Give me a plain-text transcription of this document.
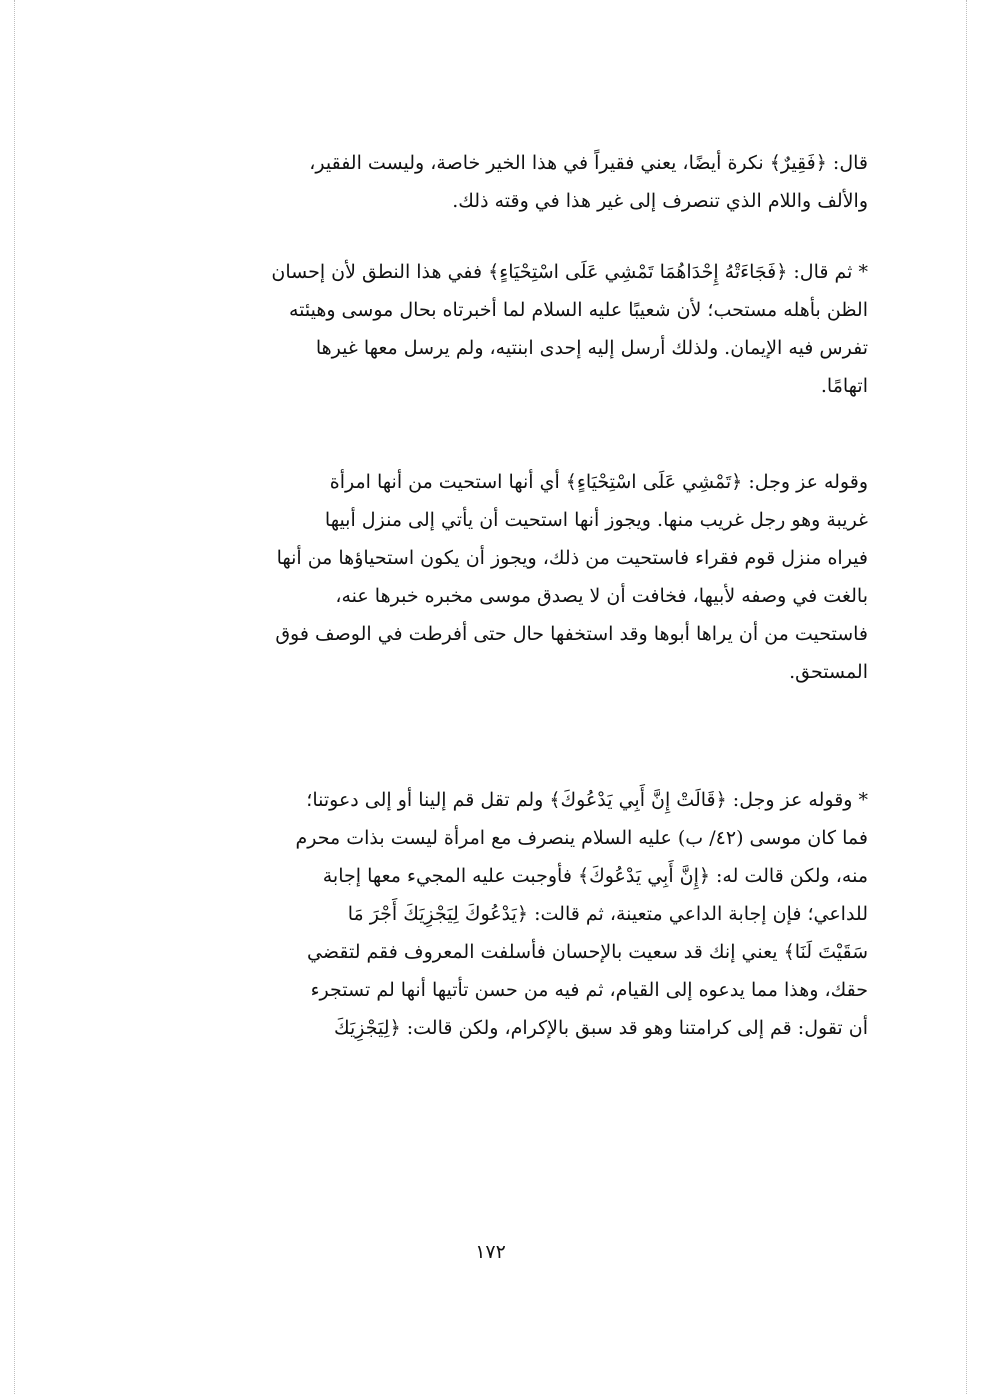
قال: ﴿فَقِيرٌ﴾ نكرة أيضًا، يعني فقيراً في هذا الخير خاصة، وليست الفقير،
والألف واللام الذي تنصرف إلى غير هذا في وقته ذلك.

* ثم قال: ﴿فَجَاءَتْهُ إِحْدَاهُمَا تَمْشِي عَلَى اسْتِحْيَاءٍ﴾ ففي هذا النطق لأن إحسان
الظن بأهله مستحب؛ لأن شعيبًا عليه السلام لما أخبرتاه بحال موسى وهيئته
تفرس فيه الإيمان. ولذلك أرسل إليه إحدى ابنتيه، ولم يرسل معها غيرها
اتهامًا.

وقوله عز وجل: ﴿تَمْشِي عَلَى اسْتِحْيَاءٍ﴾ أي أنها استحيت من أنها امرأة
غريبة وهو رجل غريب منها. ويجوز أنها استحيت أن يأتي إلى منزل أبيها
فيراه منزل قوم فقراء فاستحيت من ذلك، ويجوز أن يكون استحياؤها من أنها
بالغت في وصفه لأبيها، فخافت أن لا يصدق موسى مخبره خبرها عنه،
فاستحيت من أن يراها أبوها وقد استخفها حال حتى أفرطت في الوصف فوق
المستحق.

* وقوله عز وجل: ﴿قَالَتْ إِنَّ أَبِي يَدْعُوكَ﴾ ولم تقل قم إلينا أو إلى دعوتنا؛
فما كان موسى (٤٢/ ب) عليه السلام ينصرف مع امرأة ليست بذات محرم
منه، ولكن قالت له: ﴿إِنَّ أَبِي يَدْعُوكَ﴾ فأوجبت عليه المجيء معها إجابة
للداعي؛ فإن إجابة الداعي متعينة، ثم قالت: ﴿يَدْعُوكَ لِيَجْزِيَكَ أَجْرَ مَا
سَقَيْتَ لَنَا﴾ يعني إنك قد سعيت بالإحسان فأسلفت المعروف فقم لتقضي
حقك، وهذا مما يدعوه إلى القيام، ثم فيه من حسن تأتيها أنها لم تستجرء
أن تقول: قم إلى كرامتنا وهو قد سبق بالإكرام، ولكن قالت: ﴿لِيَجْزِيَكَ

١٧٢
